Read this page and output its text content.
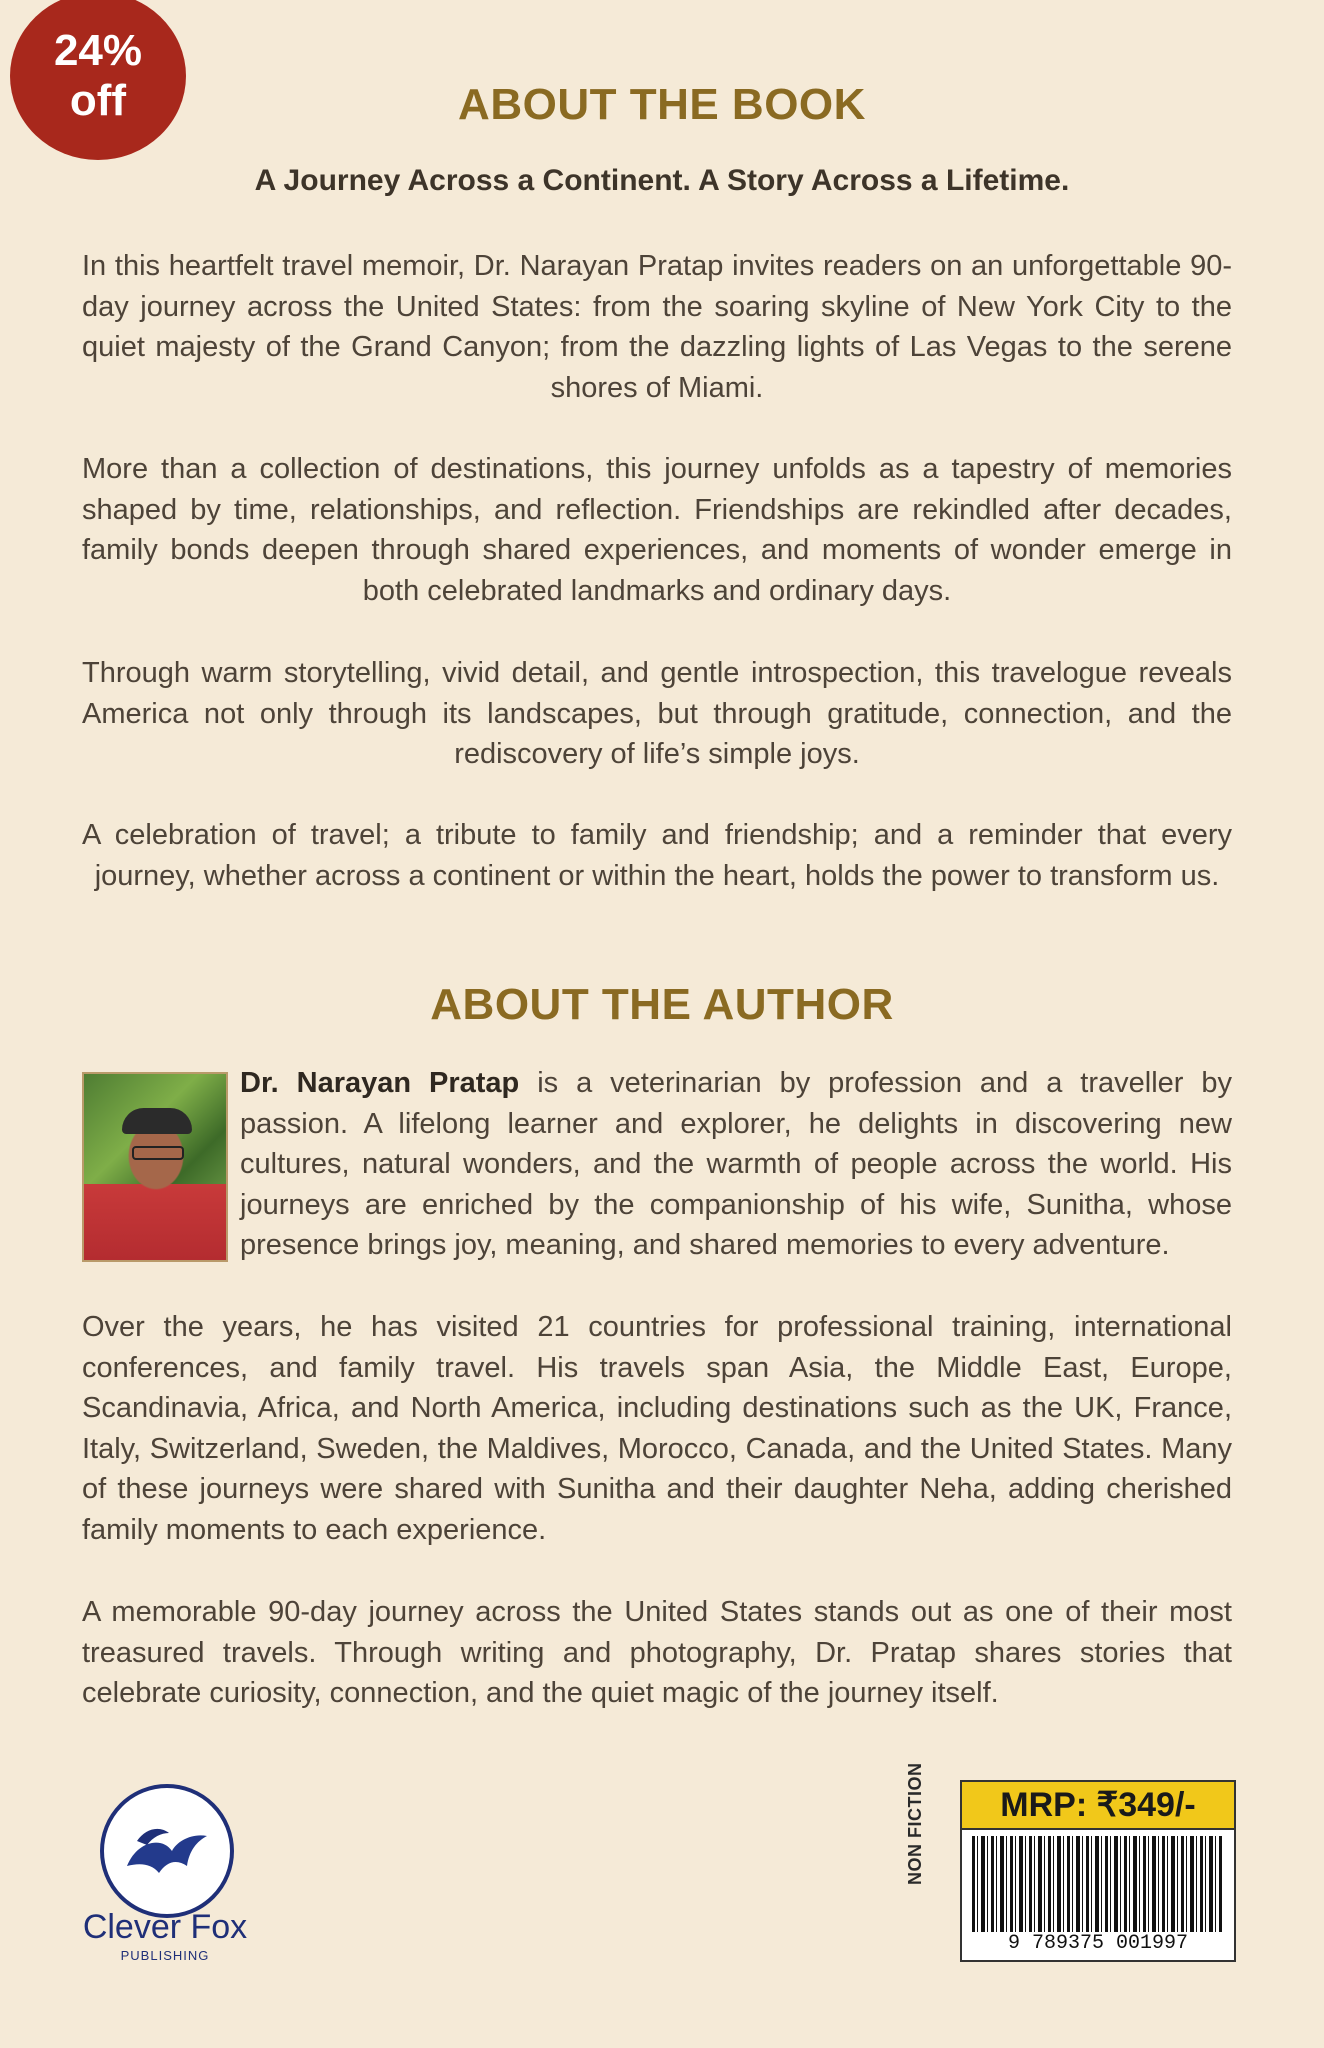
24%
off	ABOUT THE BOOK
A Journey Across a Continent. A Story Across a Lifetime.
In this heartfelt travel memoir, Dr. Narayan Pratap invites readers on an unforgettable 90-day journey across the United States: from the soaring skyline of New York City to the quiet majesty of the Grand Canyon; from the dazzling lights of Las Vegas to the serene shores of Miami.
More than a collection of destinations, this journey unfolds as a tapestry of memories shaped by time, relationships, and reflection. Friendships are rekindled after decades, family bonds deepen through shared experiences, and moments of wonder emerge in both celebrated landmarks and ordinary days.
Through warm storytelling, vivid detail, and gentle introspection, this travelogue reveals America not only through its landscapes, but through gratitude, connection, and the rediscovery of life’s simple joys.
A celebration of travel; a tribute to family and friendship; and a reminder that every journey, whether across a continent or within the heart, holds the power to transform us.
ABOUT THE AUTHOR
Dr. Narayan Pratap is a veterinarian by profession and a traveller by passion. A lifelong learner and explorer, he delights in discovering new cultures, natural wonders, and the warmth of people across the world. His journeys are enriched by the companionship of his wife, Sunitha, whose presence brings joy, meaning, and shared memories to every adventure.
Over the years, he has visited 21 countries for professional training, international conferences, and family travel. His travels span Asia, the Middle East, Europe, Scandinavia, Africa, and North America, including destinations such as the UK, France, Italy, Switzerland, Sweden, the Maldives, Morocco, Canada, and the United States. Many of these journeys were shared with Sunitha and their daughter Neha, adding cherished family moments to each experience.
A memorable 90-day journey across the United States stands out as one of their most treasured travels. Through writing and photography, Dr. Pratap shares stories that celebrate curiosity, connection, and the quiet magic of the journey itself.
Clever Fox
PUBLISHING
NON FICTION	MRP: ₹349/-
9 789375 001997
